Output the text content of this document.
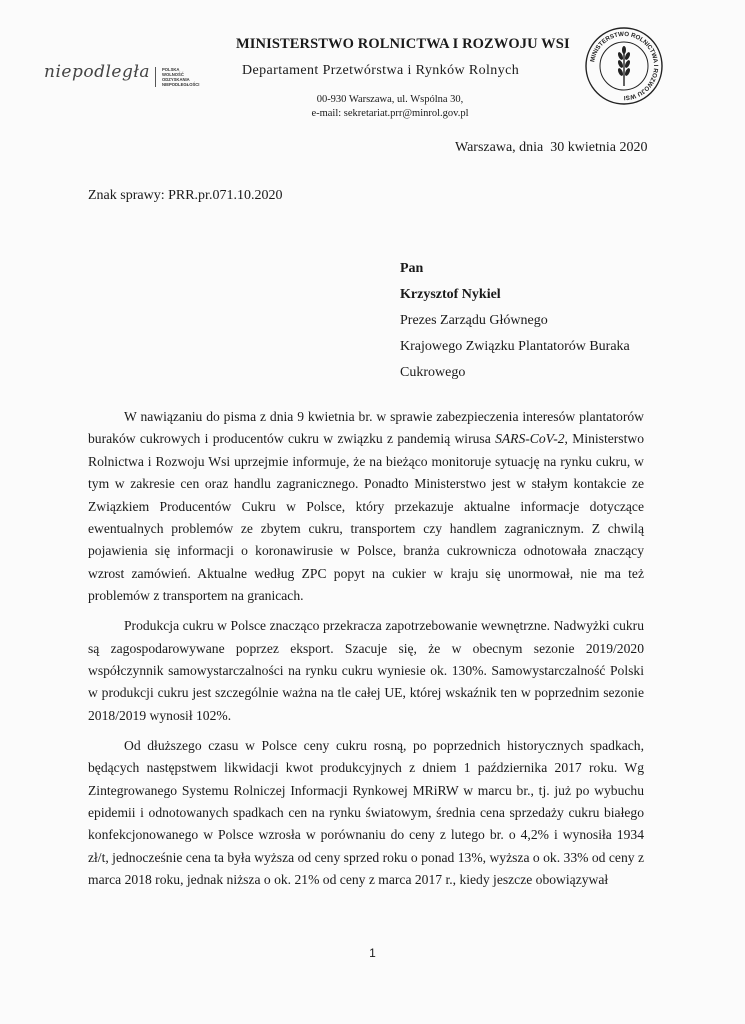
MINISTERSTWO ROLNICTWA I ROZWOJU WSI
Departament Przetwórstwa i Rynków Rolnych
00-930 Warszawa, ul. Wspólna 30,
e-mail: sekretariat.prr@minrol.gov.pl
niepodległa	POLSKA WOLNOŚĆ ODZYSKANIA NIEPODLEGŁOŚCI
MINISTERSTWO ROLNICTWA I ROZWOJU WSI
Warszawa, dnia  30 kwietnia 2020
Znak sprawy: PRR.pr.071.10.2020
Pan
Krzysztof Nykiel
Prezes Zarządu Głównego
Krajowego Związku Plantatorów Buraka
Cukrowego

W nawiązaniu do pisma z dnia 9 kwietnia br. w sprawie zabezpieczenia interesów plantatorów buraków cukrowych i producentów cukru w związku z pandemią wirusa SARS-CoV-2, Ministerstwo Rolnictwa i Rozwoju Wsi uprzejmie informuje, że na bieżąco monitoruje sytuację na rynku cukru, w tym w zakresie cen oraz handlu zagranicznego. Ponadto Ministerstwo jest w stałym kontakcie ze Związkiem Producentów Cukru w Polsce, który przekazuje aktualne informacje dotyczące ewentualnych problemów ze zbytem cukru, transportem czy handlem zagranicznym. Z chwilą pojawienia się informacji o koronawirusie w Polsce, branża cukrownicza odnotowała znaczący wzrost zamówień. Aktualne według ZPC popyt na cukier w kraju się unormował, nie ma też problemów z transportem na granicach.

Produkcja cukru w Polsce znacząco przekracza zapotrzebowanie wewnętrzne. Nadwyżki cukru są zagospodarowywane poprzez eksport. Szacuje się, że w obecnym sezonie 2019/2020 współczynnik samowystarczalności na rynku cukru wyniesie ok. 130%. Samowystarczalność Polski w produkcji cukru jest szczególnie ważna na tle całej UE, której wskaźnik ten w poprzednim sezonie 2018/2019 wynosił 102%.

Od dłuższego czasu w Polsce ceny cukru rosną, po poprzednich historycznych spadkach, będących następstwem likwidacji kwot produkcyjnych z dniem 1 października 2017 roku. Wg Zintegrowanego Systemu Rolniczej Informacji Rynkowej MRiRW w marcu br., tj. już po wybuchu epidemii i odnotowanych spadkach cen na rynku światowym, średnia cena sprzedaży cukru białego konfekcjonowanego w Polsce wzrosła w porównaniu do ceny z lutego br. o 4,2% i wynosiła 1934 zł/t, jednocześnie cena ta była wyższa od ceny sprzed roku o ponad 13%, wyższa o ok. 33% od ceny z marca 2018 roku, jednak niższa o ok. 21% od ceny z marca 2017 r., kiedy jeszcze obowiązywał

1
